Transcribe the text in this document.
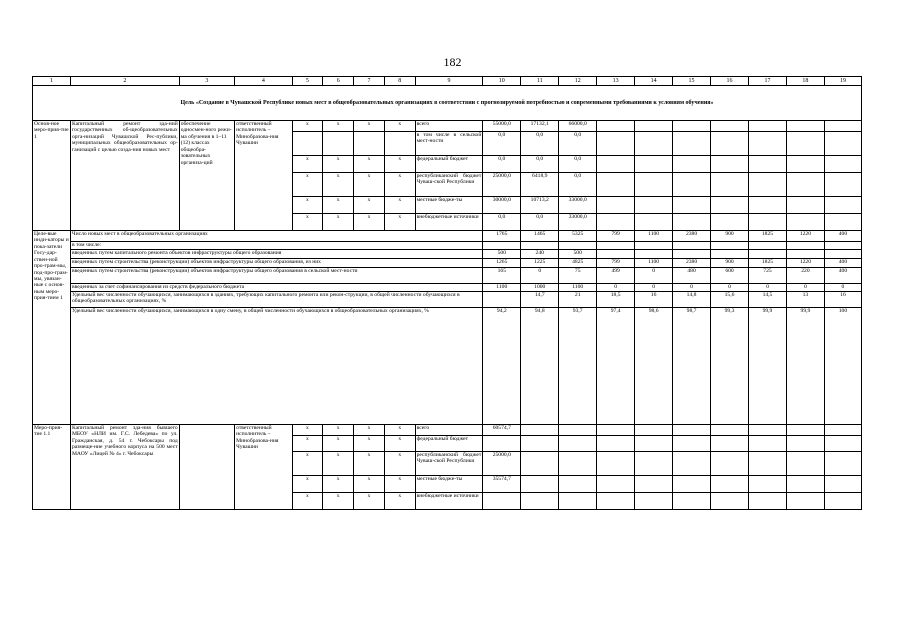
182
1	2	3	4	5	6	7	8	9	10	11	12	13	14	15	16	17	18	19
Цель «Создание в Чувашской Республике новых мест в общеобразовательных организациях в соответствии с прогнозируемой потребностью и современными требованиями к условиям обучения»																		
Основ-ное меро-прия-тие 1	Капитальный ремонт зда-ний государственных об-щеобразовательных орга-низаций Чувашской Рес-публики, муниципальных общеобразовательных ор-ганизаций с целью созда-ния новых мест	обеспечение односмен-ного режи-ма обучения в 1–11 (12) классах общеобра-зовательных организа-ций	ответственный исполнитель – Минобразова-ния Чувашии	x	x	x	x	всего	55000,0	17132,1	66000,0							
								в том числе в сельской мест-ности	0,0	0,0	0,0							
				x	x	x	x	федеральный бюджет	0,0	0,0	0,0							
				x	x	x	x	республиканский бюджет Чуваш-ской Республики	25000,0	6418,9	0,0							
				x	x	x	x	местные бюдже-ты	30000,0	10713,2	33000,0							
				x	x	x	x	внебюджетные источники	0,0	0,0	33000,0							
Целе-вые инди-каторы и пока-затели Госу-дар-ствен-ной про-грам-мы, под-про-грам-мы, увязан-ные с основ-ным меро-прия-тием 1	Число новых мест в общеобразовательных организациях								1765	1465	5325	799	1100	2380	900	1825	1220	400
	в том числе:																	
	введенных путем капитального ремонта объектов инфраструктуры общего образования								500	240	500							
	введенных путем строительства (реконструкции) объектов инфраструктуры общего образования, из них								1265	1225	4825	799	1100	2380	900	1825	1220	400
	введенных путем строительства (реконструкции) объектов инфраструктуры общего образования в сельской мест-ности								165	0	75	499	0	480	600	725	220	400
	введенных за счет софинансирования из средств федерального бюджета								1100	1000	1100	0	0	0	0	0	0	0
	Удельный вес численности обучающихся, занимающихся в зданиях, требующих капитального ремонта или рекон-струкции, в общей численности обучающихся в общеобразовательных организациях, %									14,7	21	18,5	16	14,8	15,6	14,5	13	16
	Удельный вес численности обучающихся, занимающихся в одну смену, в общей численности обучающихся в общеобразовательных организациях, %								94,2	94,8	93,7	97,4	98,6	98,7	99,3	99,9	99,9	100
Меро-прия-тие 1.1	Капитальный ремонт зда-ния бывшего МБОУ «НЛИ им. Г.С. Лебедева» по ул. Гражданская, д. 54 г. Чебоксары под размеще-ние учебного корпуса на 500 мест МАОУ «Лицей № 4» г. Чебоксары		ответственный исполнитель – Минобразова-ния Чувашии	x	x	x	x	всего	60574,7									
				x	x	x	x	федеральный бюджет										
				x	x	x	x	республиканский бюджет Чуваш-ской Республики	25000,0									
				x	x	x	x	местные бюдже-ты	35574,7									
				x	x	x	x	внебюджетные источники										
